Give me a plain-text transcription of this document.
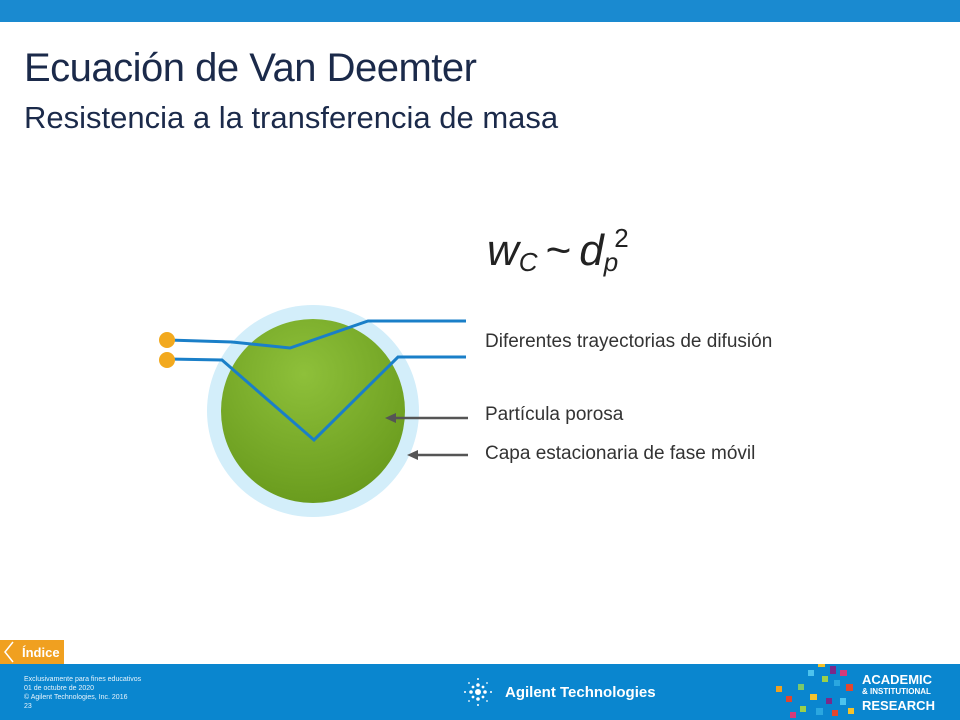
Ecuación de Van Deemter
Resistencia a la transferencia de masa
$w_C$ ~ $d_p^2$
Diferentes trayectorias de difusión
Partícula porosa
Capa estacionaria de fase móvil
Índice
Exclusivamente para fines educativos
01 de octubre de 2020
© Agilent Technologies, Inc. 2016
23
Agilent Technologies
ACADEMIC
& INSTITUTIONAL
RESEARCH
